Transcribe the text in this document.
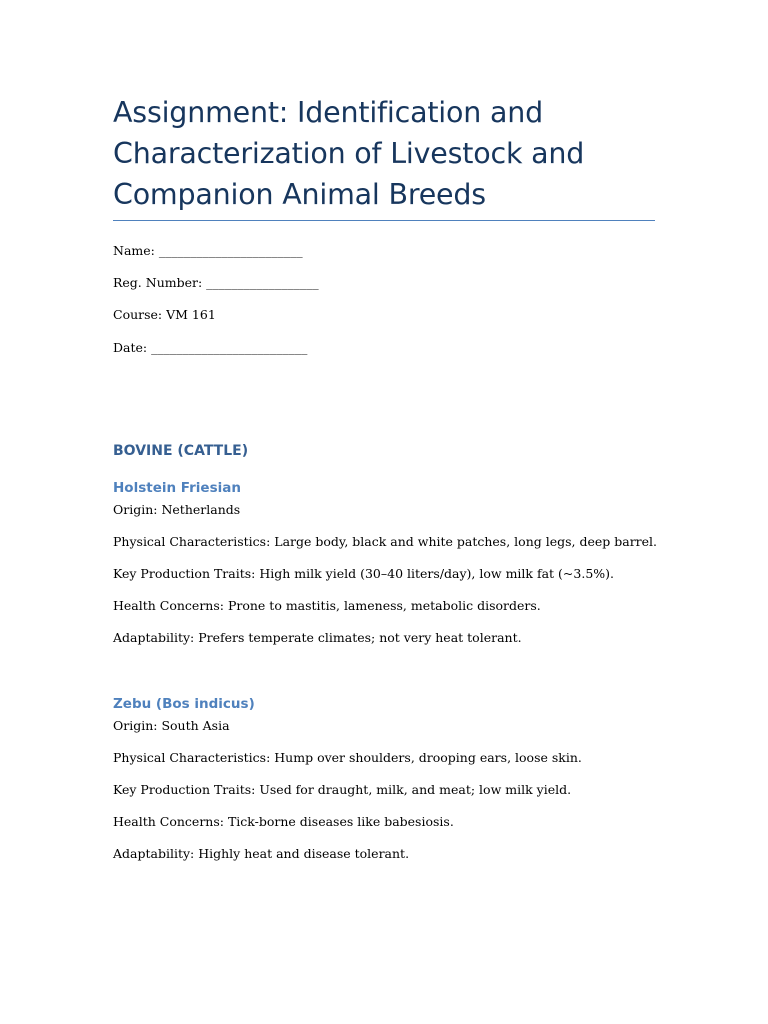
Assignment: Identification and Characterization of Livestock and Companion Animal Breeds

Name: _______________________

Reg. Number: __________________

Course: VM 161

Date: _________________________

BOVINE (CATTLE)
Holstein Friesian

Origin: Netherlands

Physical Characteristics: Large body, black and white patches, long legs, deep barrel.

Key Production Traits: High milk yield (30–40 liters/day), low milk fat (~3.5%).

Health Concerns: Prone to mastitis, lameness, metabolic disorders.

Adaptability: Prefers temperate climates; not very heat tolerant.

Zebu (Bos indicus)

Origin: South Asia

Physical Characteristics: Hump over shoulders, drooping ears, loose skin.

Key Production Traits: Used for draught, milk, and meat; low milk yield.

Health Concerns: Tick-borne diseases like babesiosis.

Adaptability: Highly heat and disease tolerant.
